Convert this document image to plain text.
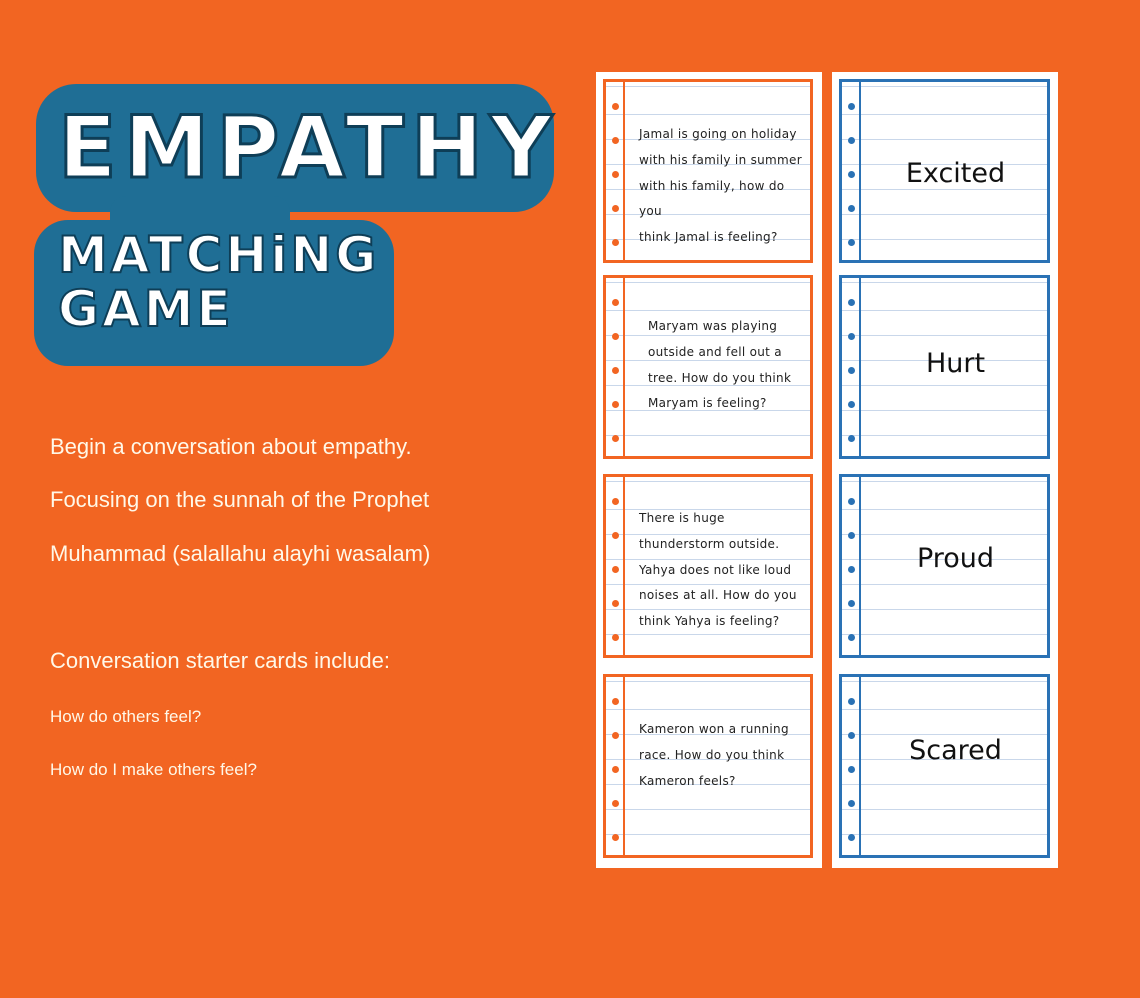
EMPATHY
MATCHiNG
GAME
Begin a conversation about empathy.
Focusing on the sunnah of the Prophet
Muhammad (salallahu alayhi wasalam)
Conversation starter cards include:
How do others feel?
How do I make others feel?
Jamal is going on holiday
with his family in summer
with his family, how do you
think Jamal is feeling?
Maryam was playing
outside and fell out a
tree. How do you think
Maryam is feeling?
There is huge
thunderstorm outside.
Yahya does not like loud
noises at all. How do you
think Yahya is feeling?
Kameron won a running
race. How do you think
Kameron feels?
Excited
Hurt
Proud
Scared
